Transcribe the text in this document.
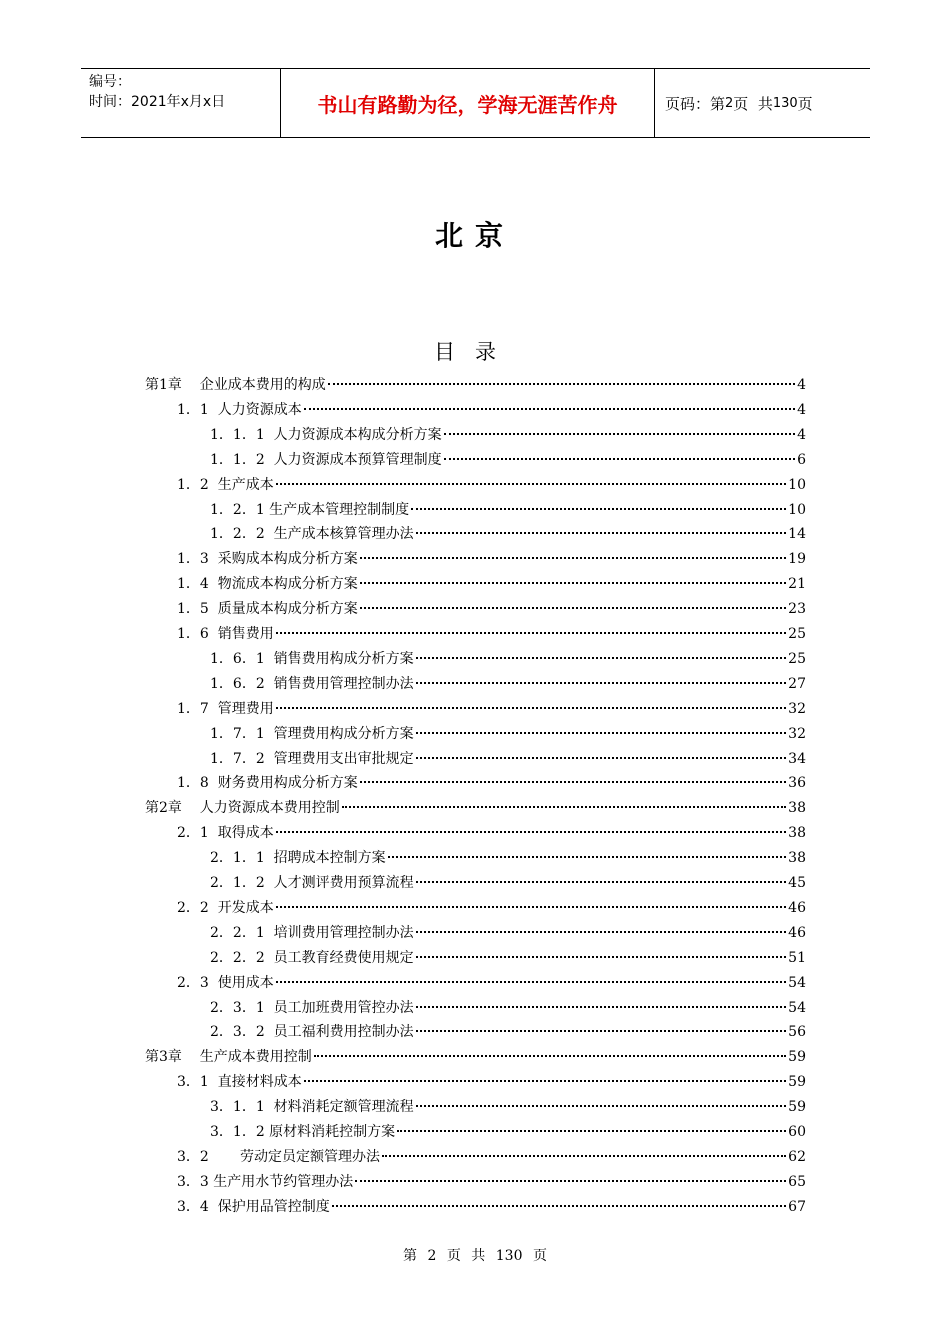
编号：
时间：2021年x月x日	书山有路勤为径，学海无涯苦作舟	页码：第 2 页  共 130 页
北京
目录
第1章    企业成本费用的构成	4
1．1  人力资源成本	4
1．1．1  人力资源成本构成分析方案	4
1．1．2  人力资源成本预算管理制度	6
1．2  生产成本	10
1．2．1 生产成本管理控制制度	10
1．2．2  生产成本核算管理办法	14
1．3  采购成本构成分析方案	19
1．4  物流成本构成分析方案	21
1．5  质量成本构成分析方案	23
1．6  销售费用	25
1．6．1  销售费用构成分析方案	25
1．6．2  销售费用管理控制办法	27
1．7  管理费用	32
1．7．1  管理费用构成分析方案	32
1．7．2  管理费用支出审批规定	34
1．8  财务费用构成分析方案	36
第2章    人力资源成本费用控制	38
2．1  取得成本	38
2．1．1  招聘成本控制方案	38
2．1．2  人才测评费用预算流程	45
2．2  开发成本	46
2．2．1  培训费用管理控制办法	46
2．2．2  员工教育经费使用规定	51
2．3  使用成本	54
2．3．1  员工加班费用管控办法	54
2．3．2  员工福利费用控制办法	56
第3章    生产成本费用控制	59
3．1  直接材料成本	59
3．1．1  材料消耗定额管理流程	59
3．1．2 原材料消耗控制方案	60
3．2       劳动定员定额管理办法	62
3．3 生产用水节约管理办法	65
3．4  保护用品管控制度	67
第 2 页 共 130 页
